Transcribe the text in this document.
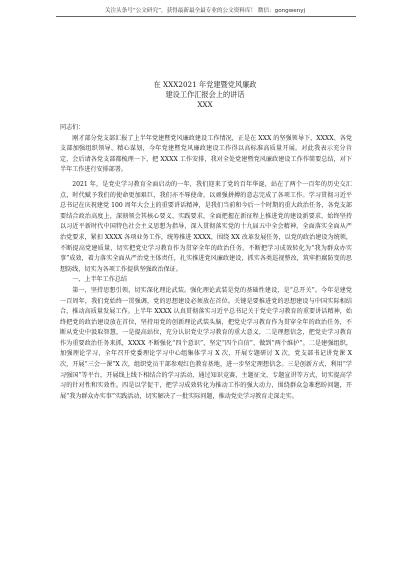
关注头条号“公文研究”，获得最新最全最专业的公文资料库！ 微信：gongwenyj
在 XXX2021 年党建暨党风廉政
建设工作汇报会上的讲话
XXX

同志们：

刚才部分党支部汇报了上半年党建暨党风廉政建设工作情况，正是在 XXX 的坚强领导下，XXXX、各党支部加强组织领导、精心谋划，今年党建暨党风廉政建设工作得以高标准高质量开展。对此我表示充分肯定，会后请各党支部都梳理一下，把 XXXX 工作安排，我对全处党建暨党风廉政建设工作作简要总结，对下半年工作进行安排部署。

2021 年，是党史学习教育全面启动的一年，我们迎来了党的百年华诞，站在了两个一百年的历史交汇点，时代赋予我们的使命更加艰巨，我们亦不辱使命，以顽强拼搏的意志完成了各项工作。学习贯彻习近平总书记在庆祝建党 100 周年大会上的重要讲话精神，是我们当前和今后一个时期的重大政治任务，各党支部要结合政治高度上，深刻领会其核心要义、实践要求，全面把握在新征程上推进党的建设新要求，始终坚持以习近平新时代中国特色社会主义思想为指导，深入贯彻落实党的十九届五中全会精神，全面落实全面从严治党要求，紧扣 XXXX 各项业务工作，统筹推进 XXXX，围绕 XX 改革发展任务，以党的政治建设为统领，不断提高党建质量，切实把党史学习教育作为贯穿全年的政治任务，不断把学习成效转化为“我为群众办实事”成效，着力落实全面从严治党主体责任，扎实推进党风廉政建设，抓实各类巡视整改，筑牢拒腐防变的思想防线，切实为各项工作提供坚强政治保证。

一、上半年工作总结

第一，坚持思想引领，切实深化理论武装。强化理论武装是党的基础性建设，是“总开关”。今年是建党一百周年，我们党始终一贯强调，党的思想建设必须放在首位。关键是要推进党的思想建设与中国实际相结合，推动高质量发展工作。上半年 XXXX 认真贯彻落实习近平总书记关于党史学习教育的重要讲话精神，始终把党的政治建设放在首位，坚持用党的创新理论武装头脑，把党史学习教育作为贯穿全年的政治任务，不断从党史中汲取智慧，一是提高站位，充分认识党史学习教育的重大意义，二是理想信念，把党史学习教育作为重要政治任务来抓，XXXX 不断强化“四个意识”、坚定“四个自信”、做到“两个维护”。二是建强组织，加强理论学习，全年召开党委理论学习中心组集体学习 X 次，开展专题研讨 X 次，党支部书记讲党课 X 次，开展“三会一课”X 次，组织党员干部参观红色教育基地，进一步坚定理想信念。三是创新方式，利用“学习强国”等平台，开展线上线下相结合的学习活动，通过知识竞赛、主题征文、专题宣讲等方式，切实提高学习的针对性和实效性。四是以学促干，把学习成效转化为推动工作的强大动力，围绕群众急难愁盼问题，开展“我为群众办实事”实践活动，切实解决了一批实际问题，推动党史学习教育走深走实。
